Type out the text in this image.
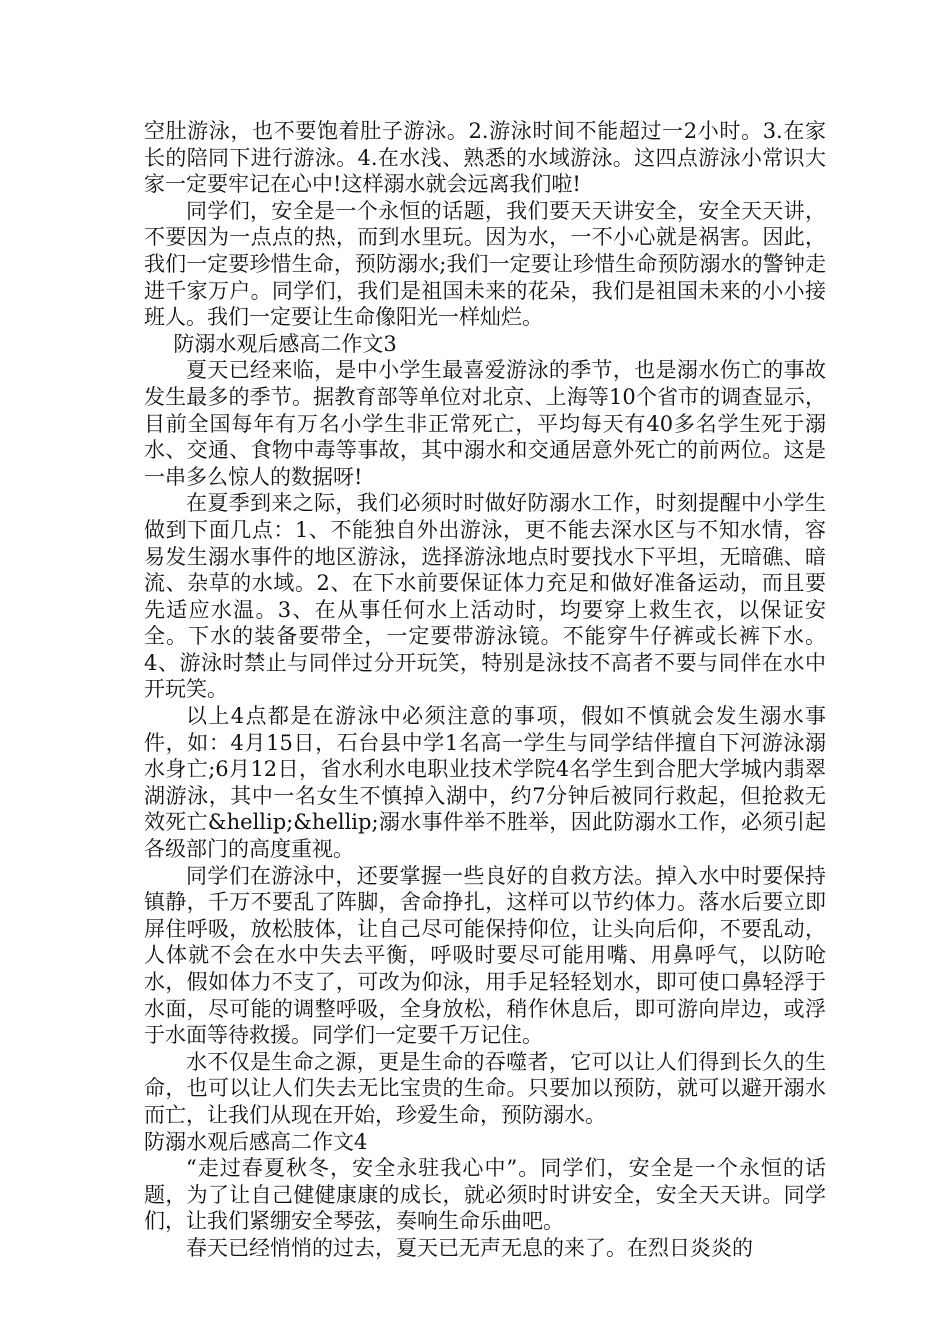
空肚游泳，也不要饱着肚子游泳。2.游泳时间不能超过一2小时。3.在家长的陪同下进行游泳。4.在水浅、熟悉的水域游泳。这四点游泳小常识大家一定要牢记在心中!这样溺水就会远离我们啦!

同学们，安全是一个永恒的话题，我们要天天讲安全，安全天天讲，不要因为一点点的热，而到水里玩。因为水，一不小心就是祸害。因此，我们一定要珍惜生命，预防溺水;我们一定要让珍惜生命预防溺水的警钟走进千家万户。同学们，我们是祖国未来的花朵，我们是祖国未来的小小接班人。我们一定要让生命像阳光一样灿烂。

防溺水观后感高二作文3

夏天已经来临，是中小学生最喜爱游泳的季节，也是溺水伤亡的事故发生最多的季节。据教育部等单位对北京、上海等10个省市的调查显示，目前全国每年有万名小学生非正常死亡，平均每天有40多名学生死于溺水、交通、食物中毒等事故，其中溺水和交通居意外死亡的前两位。这是一串多么惊人的数据呀!

在夏季到来之际，我们必须时时做好防溺水工作，时刻提醒中小学生做到下面几点：1、不能独自外出游泳，更不能去深水区与不知水情，容易发生溺水事件的地区游泳，选择游泳地点时要找水下平坦，无暗礁、暗流、杂草的水域。2、在下水前要保证体力充足和做好准备运动，而且要先适应水温。3、在从事任何水上活动时，均要穿上救生衣，以保证安全。下水的装备要带全，一定要带游泳镜。不能穿牛仔裤或长裤下水。4、游泳时禁止与同伴过分开玩笑，特别是泳技不高者不要与同伴在水中开玩笑。

以上4点都是在游泳中必须注意的事项，假如不慎就会发生溺水事件，如：4月15日，石台县中学1名高一学生与同学结伴擅自下河游泳溺水身亡;6月12日，省水利水电职业技术学院4名学生到合肥大学城内翡翠湖游泳，其中一名女生不慎掉入湖中，约7分钟后被同行救起，但抢救无效死亡&hellip;&hellip;溺水事件举不胜举，因此防溺水工作，必须引起各级部门的高度重视。

同学们在游泳中，还要掌握一些良好的自救方法。掉入水中时要保持镇静，千万不要乱了阵脚，舍命挣扎，这样可以节约体力。落水后要立即屏住呼吸，放松肢体，让自己尽可能保持仰位，让头向后仰，不要乱动，人体就不会在水中失去平衡，呼吸时要尽可能用嘴、用鼻呼气，以防呛水，假如体力不支了，可改为仰泳，用手足轻轻划水，即可使口鼻轻浮于水面，尽可能的调整呼吸，全身放松，稍作休息后，即可游向岸边，或浮于水面等待救援。同学们一定要千万记住。

水不仅是生命之源，更是生命的吞噬者，它可以让人们得到长久的生命，也可以让人们失去无比宝贵的生命。只要加以预防，就可以避开溺水而亡，让我们从现在开始，珍爱生命，预防溺水。

防溺水观后感高二作文4

“走过春夏秋冬，安全永驻我心中”。同学们，安全是一个永恒的话题，为了让自己健健康康的成长，就必须时时讲安全，安全天天讲。同学们，让我们紧绷安全琴弦，奏响生命乐曲吧。

春天已经悄悄的过去，夏天已无声无息的来了。在烈日炎炎的
